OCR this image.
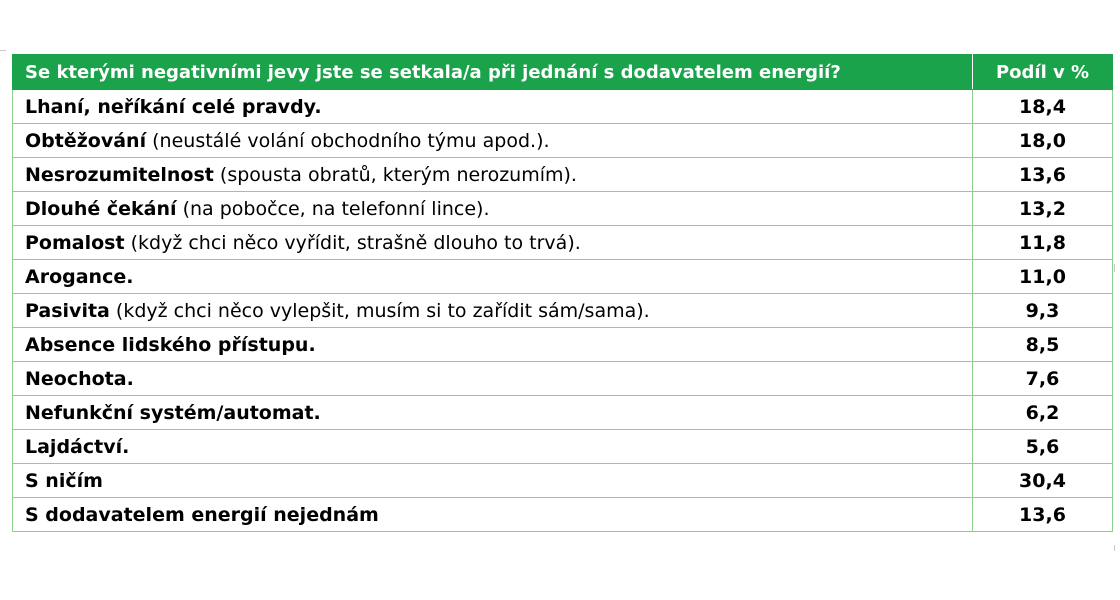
Se kterými negativními jevy jste se setkala/a při jednání s dodavatelem energií?	Podíl v %
Lhaní, neříkání celé pravdy.	18,4
Obtěžování (neustálé volání obchodního týmu apod.).	18,0
Nesrozumitelnost (spousta obratů, kterým nerozumím).	13,6
Dlouhé čekání (na pobočce, na telefonní lince).	13,2
Pomalost (když chci něco vyřídit, strašně dlouho to trvá).	11,8
Arogance.	11,0
Pasivita (když chci něco vylepšit, musím si to zařídit sám/sama).	9,3
Absence lidského přístupu.	8,5
Neochota.	7,6
Nefunkční systém/automat.	6,2
Lajdáctví.	5,6
S ničím	30,4
S dodavatelem energií nejednám	13,6
